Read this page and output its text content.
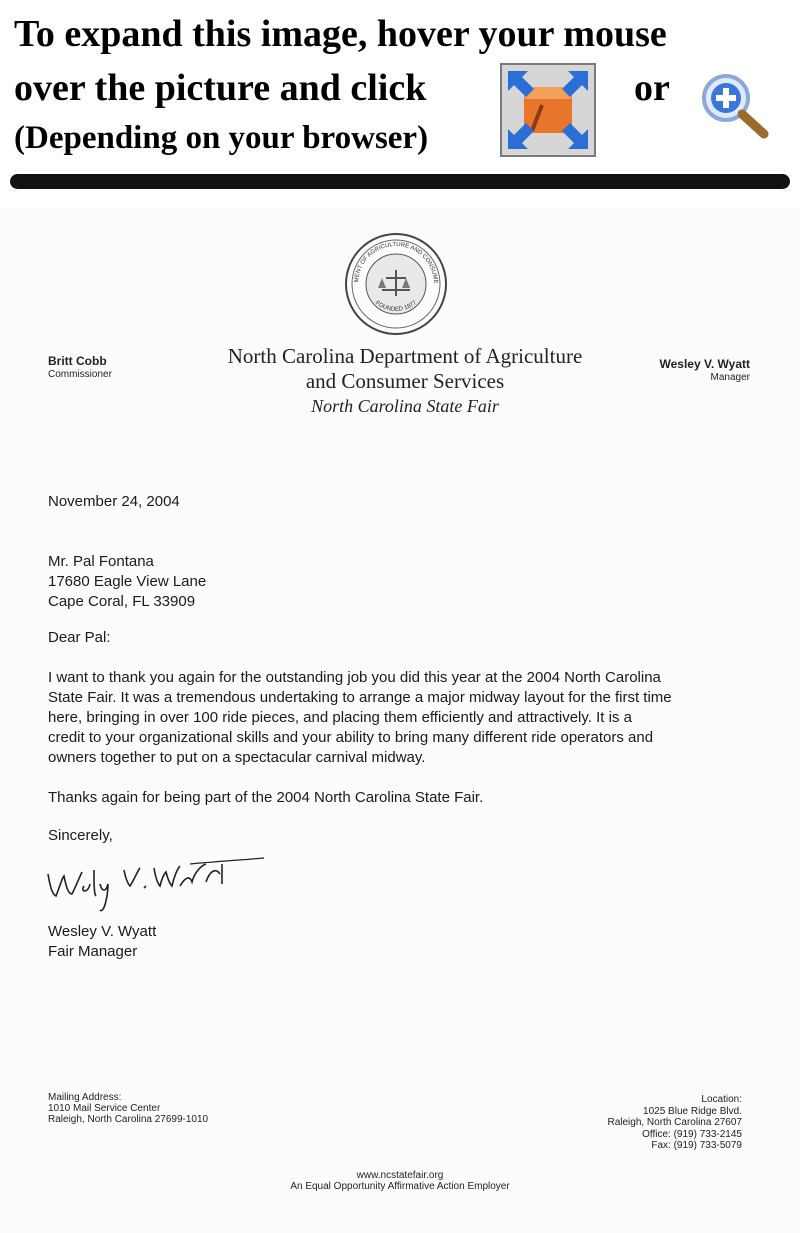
To expand this image, hover your mouse
over the picture and click	or
(Depending on your browser)
MENT OF AGRICULTURE AND CONSUME
FOUNDED 1877
Britt Cobb
Commissioner
North Carolina Department of Agriculture
and Consumer Services
North Carolina State Fair
Wesley V. Wyatt
Manager
November 24, 2004
Mr. Pal Fontana
17680 Eagle View Lane
Cape Coral, FL 33909
Dear Pal:
I want to thank you again for the outstanding job you did this year at the 2004 North Carolina
State Fair. It was a tremendous undertaking to arrange a major midway layout for the first time
here, bringing in over 100 ride pieces, and placing them efficiently and attractively. It is a
credit to your organizational skills and your ability to bring many different ride operators and
owners together to put on a spectacular carnival midway.
Thanks again for being part of the 2004 North Carolina State Fair.
Sincerely,
Wesley V. Wyatt
Fair Manager
Mailing Address:
1010 Mail Service Center
Raleigh, North Carolina 27699-1010
Location:
1025 Blue Ridge Blvd.
Raleigh, North Carolina 27607
Office: (919) 733-2145
Fax: (919) 733-5079
www.ncstatefair.org
An Equal Opportunity Affirmative Action Employer
